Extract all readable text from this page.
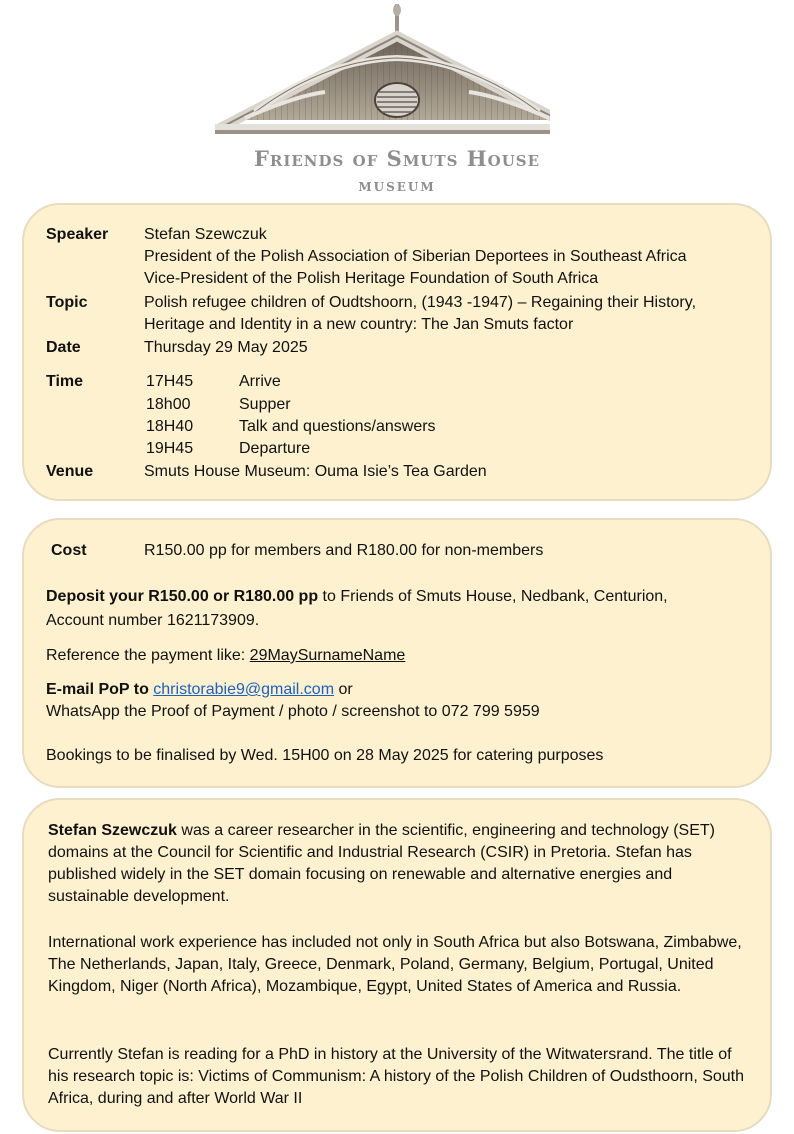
Friends of Smuts House
museum
Speaker Stefan Szewczuk
President of the Polish Association of Siberian Deportees in Southeast Africa
Vice-President of the Polish Heritage Foundation of South Africa
Topic	Polish refugee children of Oudtshoorn, (1943 -1947) – Regaining their History,
Heritage and Identity in a new country: The Jan Smuts factor
Date	Thursday 29 May 2025
Time	17H45	Arrive
18h00	Supper
18H40	Talk and questions/answers
19H45	Departure
Venue	Smuts House Museum: Ouma Isie’s Tea Garden
Cost	R150.00 pp for members and R180.00 for non-members
Deposit your R150.00 or R180.00 pp to Friends of Smuts House, Nedbank, Centurion,
Account number 1621173909.
Reference the payment like: 29MaySurnameName
E-mail PoP to christorabie9@gmail.com or
WhatsApp the Proof of Payment / photo / screenshot to 072 799 5959
Bookings to be finalised by Wed. 15H00 on 28 May 2025 for catering purposes

Stefan Szewczuk was a career researcher in the scientific, engineering and technology (SET) domains at the Council for Scientific and Industrial Research (CSIR) in Pretoria. Stefan has published widely in the SET domain focusing on renewable and alternative energies and sustainable development.

International work experience has included not only in South Africa but also Botswana, Zimbabwe, The Netherlands, Japan, Italy, Greece, Denmark, Poland, Germany, Belgium, Portugal, United Kingdom, Niger (North Africa), Mozambique, Egypt, United States of America and Russia.

Currently Stefan is reading for a PhD in history at the University of the Witwatersrand. The title of his research topic is: Victims of Communism: A history of the Polish Children of Oudsthoorn, South Africa, during and after World War II
